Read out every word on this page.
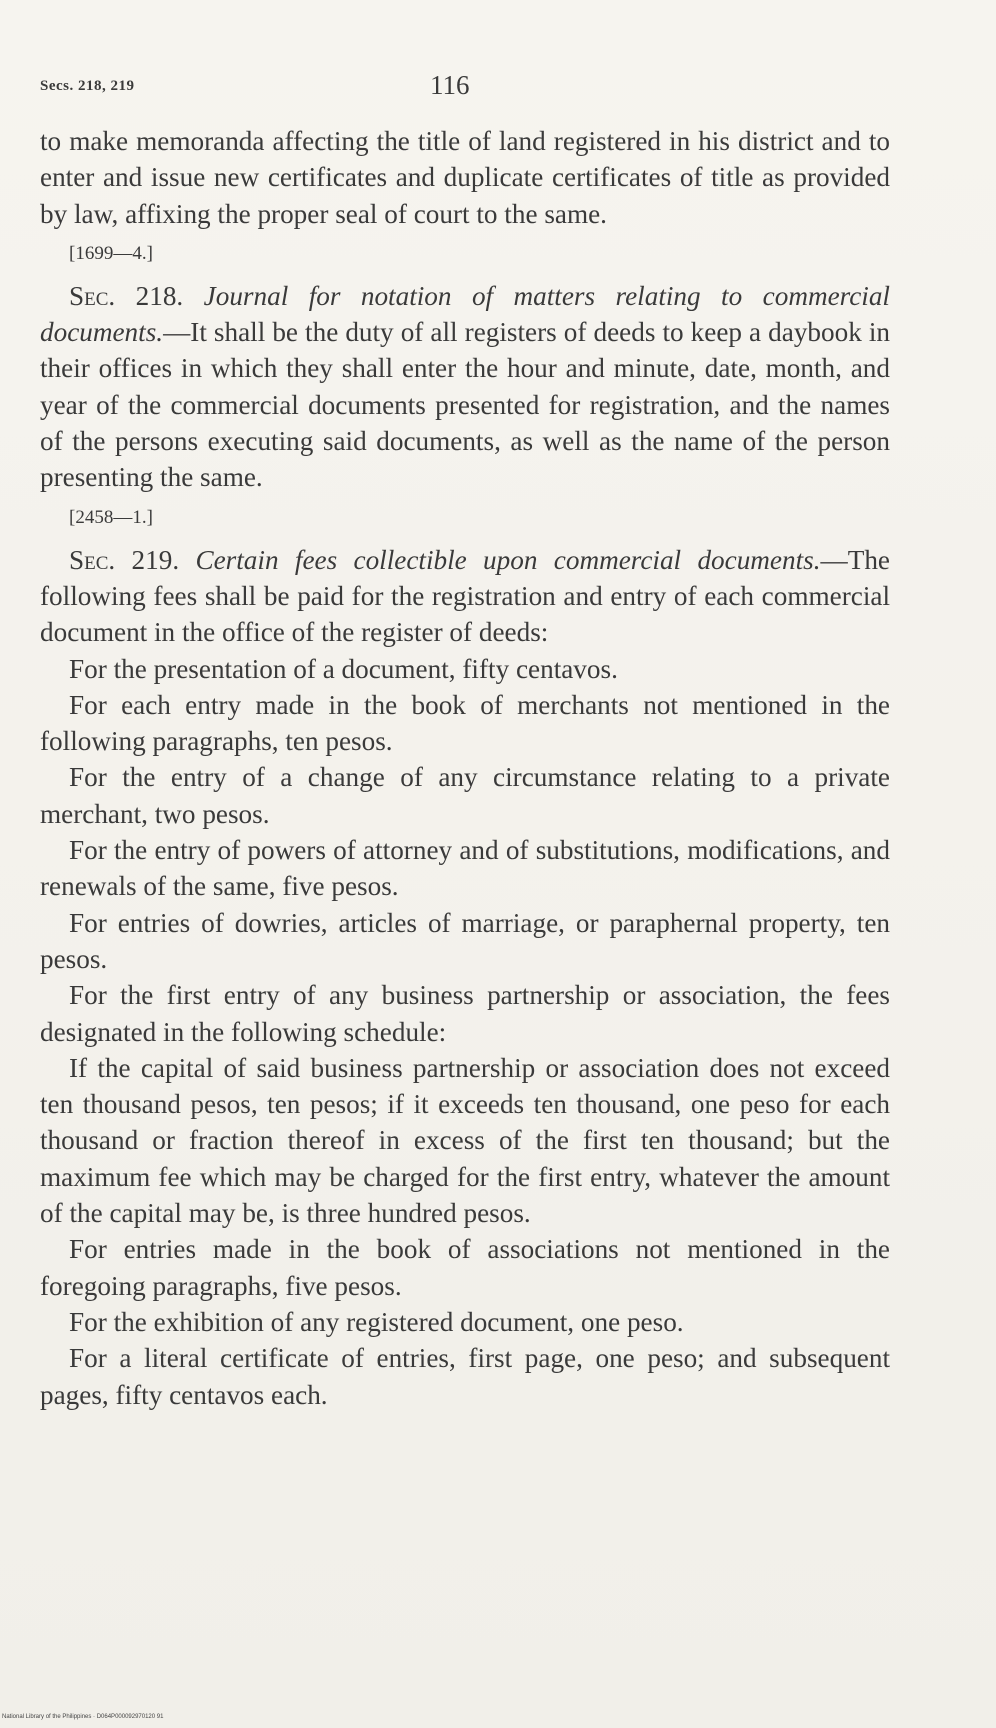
Secs. 218, 219	116

to make memoranda affecting the title of land registered in his district and to enter and issue new certificates and duplicate certificates of title as provided by law, affixing the proper seal of court to the same.

[1699—4.]

Sec. 218. Journal for notation of matters relating to commercial documents.—It shall be the duty of all registers of deeds to keep a daybook in their offices in which they shall enter the hour and minute, date, month, and year of the commercial documents presented for registration, and the names of the persons executing said documents, as well as the name of the person presenting the same.

[2458—1.]

Sec. 219. Certain fees collectible upon commercial documents.—The following fees shall be paid for the registration and entry of each commercial document in the office of the register of deeds:

For the presentation of a document, fifty centavos.

For each entry made in the book of merchants not mentioned in the following paragraphs, ten pesos.

For the entry of a change of any circumstance relating to a private merchant, two pesos.

For the entry of powers of attorney and of substitutions, modifications, and renewals of the same, five pesos.

For entries of dowries, articles of marriage, or paraphernal property, ten pesos.

For the first entry of any business partnership or association, the fees designated in the following schedule:

If the capital of said business partnership or association does not exceed ten thousand pesos, ten pesos; if it exceeds ten thousand, one peso for each thousand or fraction thereof in excess of the first ten thousand; but the maximum fee which may be charged for the first entry, whatever the amount of the capital may be, is three hundred pesos.

For entries made in the book of associations not mentioned in the foregoing paragraphs, five pesos.

For the exhibition of any registered document, one peso.

For a literal certificate of entries, first page, one peso; and subsequent pages, fifty centavos each.

National Library of the Philippines · D064P000092970120 91
